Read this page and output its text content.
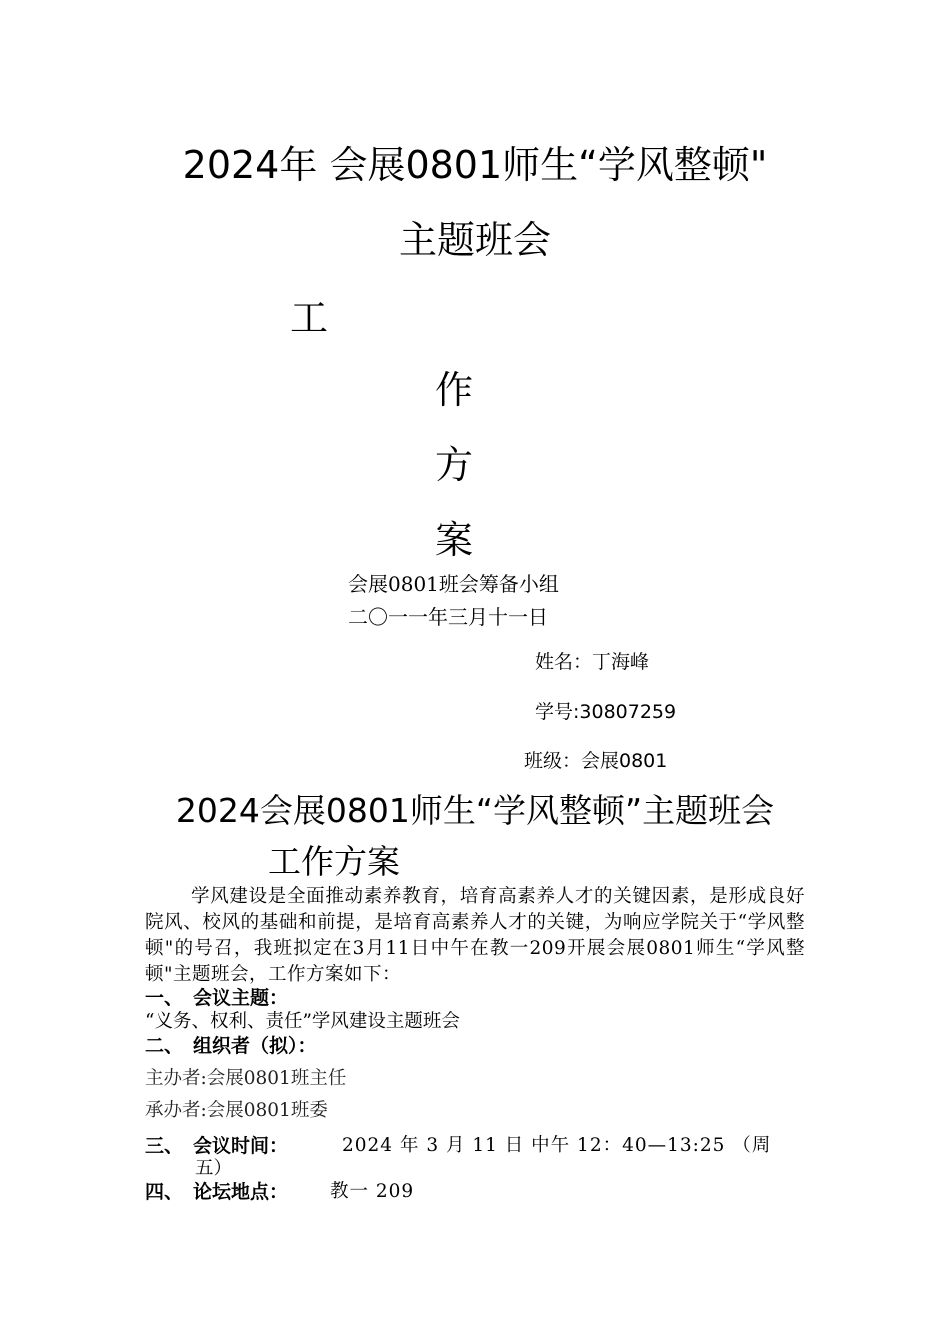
2024年 会展0801师生“学风整顿"
主题班会
工
作
方
案
会展0801班会筹备小组
二〇一一年三月十一日
姓名：丁海峰
学号:30807259
班级：会展0801
2024会展0801师生“学风整顿”主题班会
工作方案
学风建设是全面推动素养教育，培育高素养人才的关键因素，是形成良好院风、校风的基础和前提，是培育高素养人才的关键，为响应学院关于“学风整顿"的号召，我班拟定在3月11日中午在教一209开展会展0801师生“学风整顿"主题班会，工作方案如下：
一、 会议主题：
“义务、权利、责任”学风建设主题班会
二、 组织者（拟）：
主办者:会展0801班主任
承办者:会展0801班委
三、 会议时间：	2024 年 3 月 11 日 中午 12：40—13:25 （周
五）
四、 论坛地点： 教一 209
